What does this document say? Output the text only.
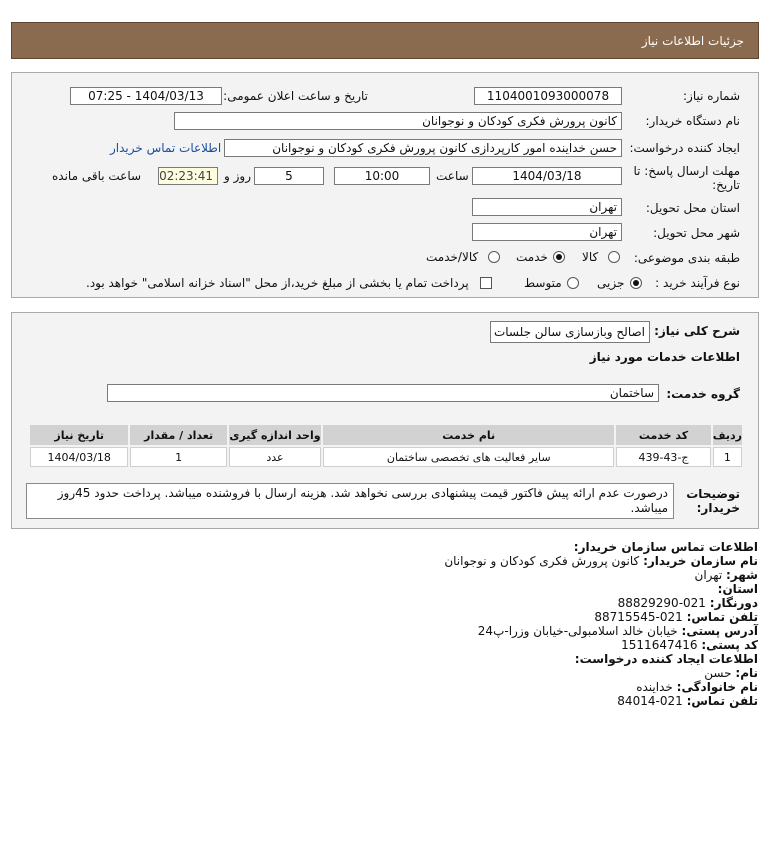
جزئیات اطلاعات نیاز
شماره نیاز:
1104001093000078
تاریخ و ساعت اعلان عمومی:
1404/03/13 - 07:25
نام دستگاه خریدار:
کانون پرورش فکری کودکان و نوجوانان
ایجاد کننده درخواست:
حسن خداینده امور کارپردازی کانون پرورش فکری کودکان و نوجوانان
اطلاعات تماس خریدار
مهلت ارسال پاسخ: تا
تاریخ:
1404/03/18
ساعت
10:00
5
روز و
02:23:41
ساعت باقی مانده
استان محل تحویل:
تهران
شهر محل تحویل:
تهران
طبقه بندی موضوعی:
کالا
خدمت
کالا/خدمت
نوع فرآیند خرید :
جزیی
متوسط
پرداخت تمام یا بخشی از مبلغ خرید،از محل "اسناد خزانه اسلامی" خواهد بود.
شرح کلی نیاز:
اصالح وبازسازی سالن جلسات
اطلاعات خدمات مورد نیاز
گروه خدمت:
ساختمان
ردیف	کد خدمت	نام خدمت	واحد اندازه گیری	تعداد / مقدار	تاریخ نیاز
1	ج-43-439	سایر فعالیت های تخصصی ساختمان	عدد	1	1404/03/18
توضیحات
خریدار:
درصورت عدم ارائه پیش فاکتور قیمت پیشنهادی بررسی نخواهد شد. هزینه ارسال با فروشنده میباشد. پرداخت حدود 45روز میباشد.
اطلاعات تماس سازمان خریدار:
نام سازمان خریدار: کانون پرورش فکری کودکان و نوجوانان
شهر: تهران
استان:
دورنگار: 021-88829290
تلفن تماس: 021-88715545
آدرس پستی: خیابان خالد اسلامبولی-خیابان وزرا-پ24
کد پستی: 1511647416
اطلاعات ایجاد کننده درخواست:
نام: حسن
نام خانوادگی: خداینده
تلفن تماس: 021-84014
